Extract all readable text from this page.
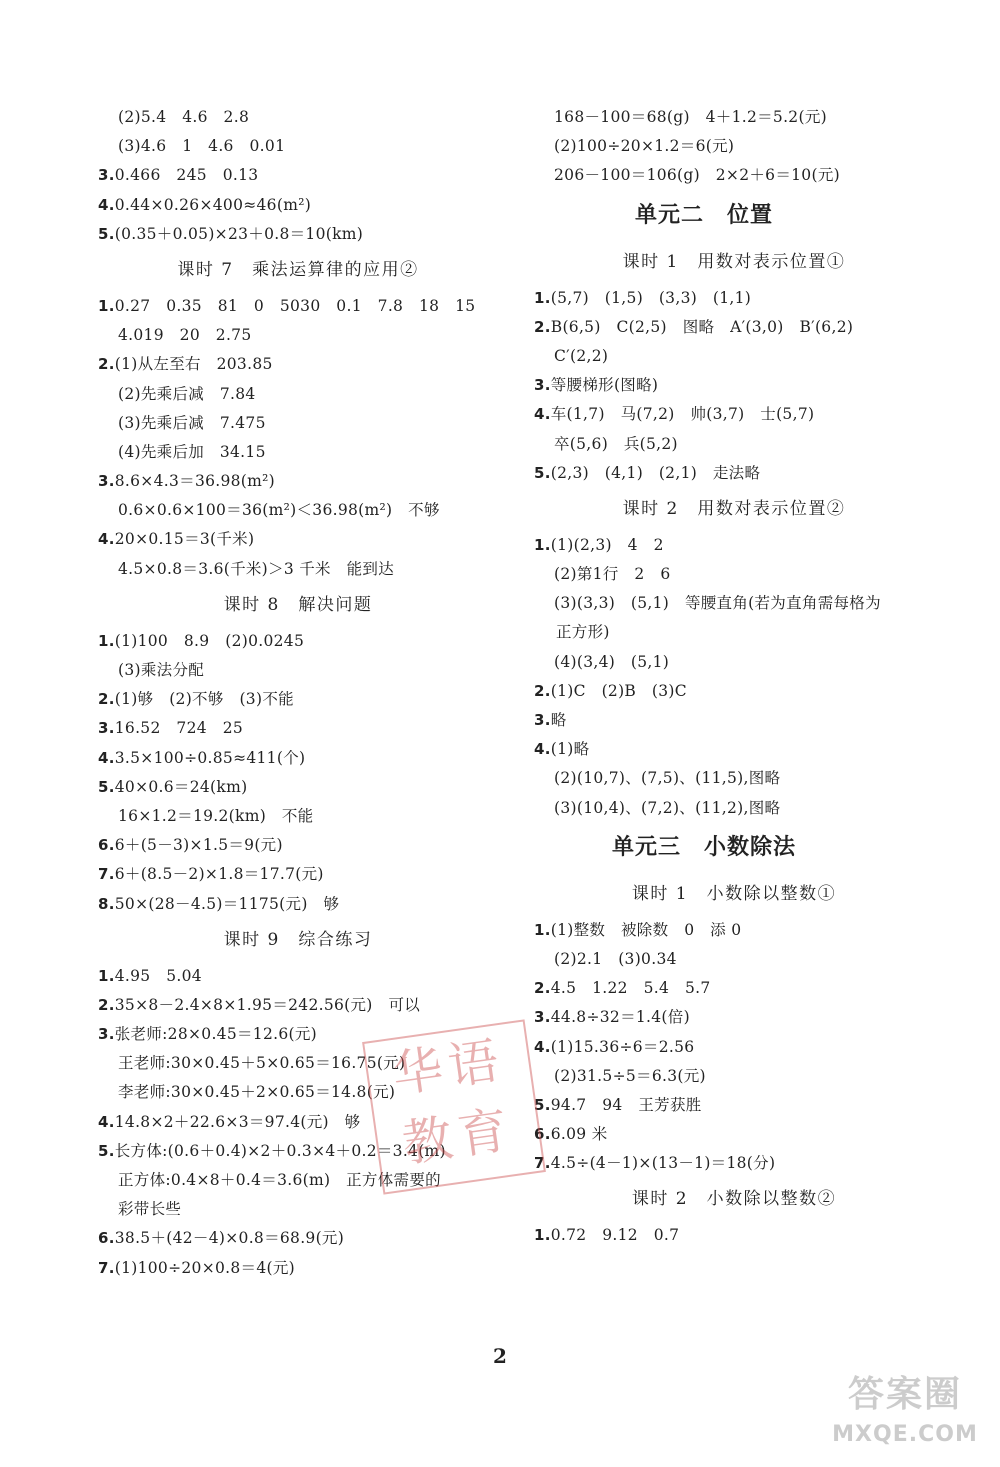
(2)5.4　4.6　2.8
(3)4.6　1　4.6　0.01
3.0.466　245　0.13
4.0.44×0.26×400≈46(m²)
5.(0.35＋0.05)×23＋0.8＝10(km)
课时 7　乘法运算律的应用②
1.0.27　0.35　81　0　5030　0.1　7.8　18　15
4.019　20　2.75
2.(1)从左至右　203.85
(2)先乘后减　7.84
(3)先乘后减　7.475
(4)先乘后加　34.15
3.8.6×4.3＝36.98(m²)
0.6×0.6×100＝36(m²)＜36.98(m²)　不够
4.20×0.15＝3(千米)
4.5×0.8＝3.6(千米)＞3 千米　能到达
课时 8　解决问题
1.(1)100　8.9　(2)0.0245
(3)乘法分配
2.(1)够　(2)不够　(3)不能
3.16.52　724　25
4.3.5×100÷0.85≈411(个)
5.40×0.6＝24(km)
16×1.2＝19.2(km)　不能
6.6＋(5－3)×1.5＝9(元)
7.6＋(8.5－2)×1.8＝17.7(元)
8.50×(28－4.5)＝1175(元)　够
课时 9　综合练习
1.4.95　5.04
2.35×8－2.4×8×1.95＝242.56(元)　可以
3.张老师:28×0.45＝12.6(元)
王老师:30×0.45＋5×0.65＝16.75(元)
李老师:30×0.45＋2×0.65＝14.8(元)
4.14.8×2＋22.6×3＝97.4(元)　够
5.长方体:(0.6＋0.4)×2＋0.3×4＋0.2＝3.4(m)
正方体:0.4×8＋0.4＝3.6(m)　正方体需要的
彩带长些
6.38.5＋(42－4)×0.8＝68.9(元)
7.(1)100÷20×0.8＝4(元)
168－100＝68(g)　4＋1.2＝5.2(元)
(2)100÷20×1.2＝6(元)
206－100＝106(g)　2×2＋6＝10(元)
单元二　位置
课时 1　用数对表示位置①
1.(5,7)　(1,5)　(3,3)　(1,1)
2.B(6,5)　C(2,5)　图略　A′(3,0)　B′(6,2)
C′(2,2)
3.等腰梯形(图略)
4.车(1,7)　马(7,2)　帅(3,7)　士(5,7)
卒(5,6)　兵(5,2)
5.(2,3)　(4,1)　(2,1)　走法略
课时 2　用数对表示位置②
1.(1)(2,3)　4　2
(2)第1行　2　6
(3)(3,3)　(5,1)　等腰直角(若为直角需每格为
正方形)
(4)(3,4)　(5,1)
2.(1)C　(2)B　(3)C
3.略
4.(1)略
(2)(10,7)、(7,5)、(11,5),图略
(3)(10,4)、(7,2)、(11,2),图略
单元三　小数除法
课时 1　小数除以整数①
1.(1)整数　被除数　0　添 0
(2)2.1　(3)0.34
2.4.5　1.22　5.4　5.7
3.44.8÷32＝1.4(倍)
4.(1)15.36÷6＝2.56
(2)31.5÷5＝6.3(元)
5.94.7　94　王芳获胜
6.6.09 米
7.4.5÷(4－1)×(13－1)＝18(分)
课时 2　小数除以整数②
1.0.72　9.12　0.7
2
华语
教育
答案圈
MXQE.COM
